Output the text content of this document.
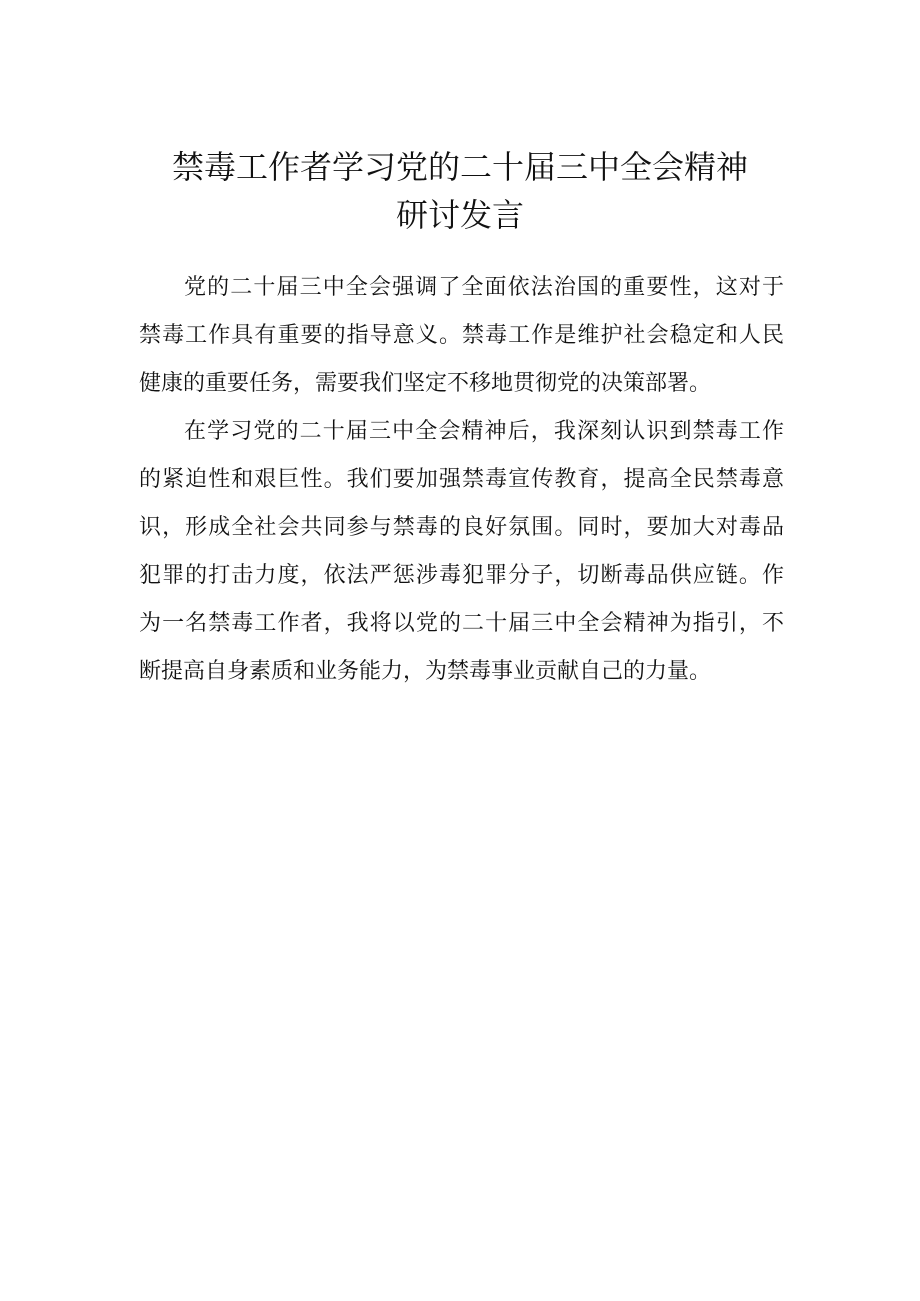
禁毒工作者学习党的二十届三中全会精神
研讨发言
党的二十届三中全会强调了全面依法治国的重要性，这对于
禁毒工作具有重要的指导意义。禁毒工作是维护社会稳定和人民
健康的重要任务，需要我们坚定不移地贯彻党的决策部署。
在学习党的二十届三中全会精神后，我深刻认识到禁毒工作
的紧迫性和艰巨性。我们要加强禁毒宣传教育，提高全民禁毒意
识，形成全社会共同参与禁毒的良好氛围。同时，要加大对毒品
犯罪的打击力度，依法严惩涉毒犯罪分子，切断毒品供应链。作
为一名禁毒工作者，我将以党的二十届三中全会精神为指引，不
断提高自身素质和业务能力，为禁毒事业贡献自己的力量。
